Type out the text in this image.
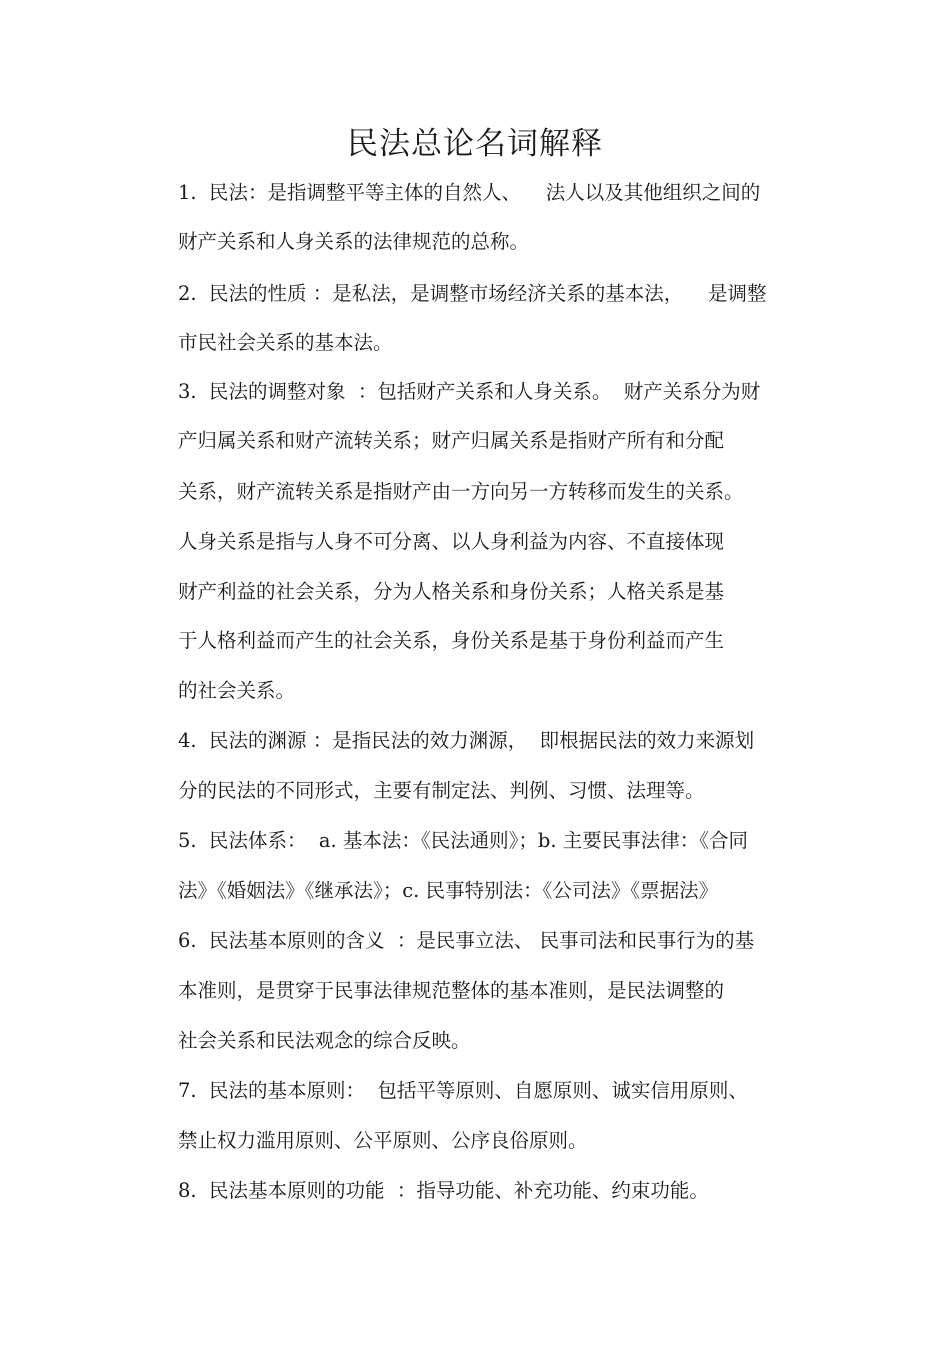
民法总论名词解释
1.  民法：是指调整平等主体的自然人、    法人以及其他组织之间的
财产关系和人身关系的法律规范的总称。
2.  民法的性质 ：是私法，是调整市场经济关系的基本法，    是调整
市民社会关系的基本法。
3.  民法的调整对象  ：包括财产关系和人身关系。  财产关系分为财
产归属关系和财产流转关系；财产归属关系是指财产所有和分配
关系，财产流转关系是指财产由一方向另一方转移而发生的关系。
人身关系是指与人身不可分离、以人身利益为内容、不直接体现
财产利益的社会关系，分为人格关系和身份关系；人格关系是基
于人格利益而产生的社会关系，身份关系是基于身份利益而产生
的社会关系。
4.  民法的渊源 ：是指民法的效力渊源，  即根据民法的效力来源划
分的民法的不同形式，主要有制定法、判例、习惯、法理等。
5.  民法体系：  a. 基本法：《民法通则》；b. 主要民事法律：《合同
法》《婚姻法》《继承法》；c. 民事特别法：《公司法》《票据法》
6.  民法基本原则的含义  ：是民事立法、 民事司法和民事行为的基
本准则，是贯穿于民事法律规范整体的基本准则，是民法调整的
社会关系和民法观念的综合反映。
7.  民法的基本原则：  包括平等原则、自愿原则、诚实信用原则、
禁止权力滥用原则、公平原则、公序良俗原则。
8.  民法基本原则的功能  ：指导功能、补充功能、约束功能。
